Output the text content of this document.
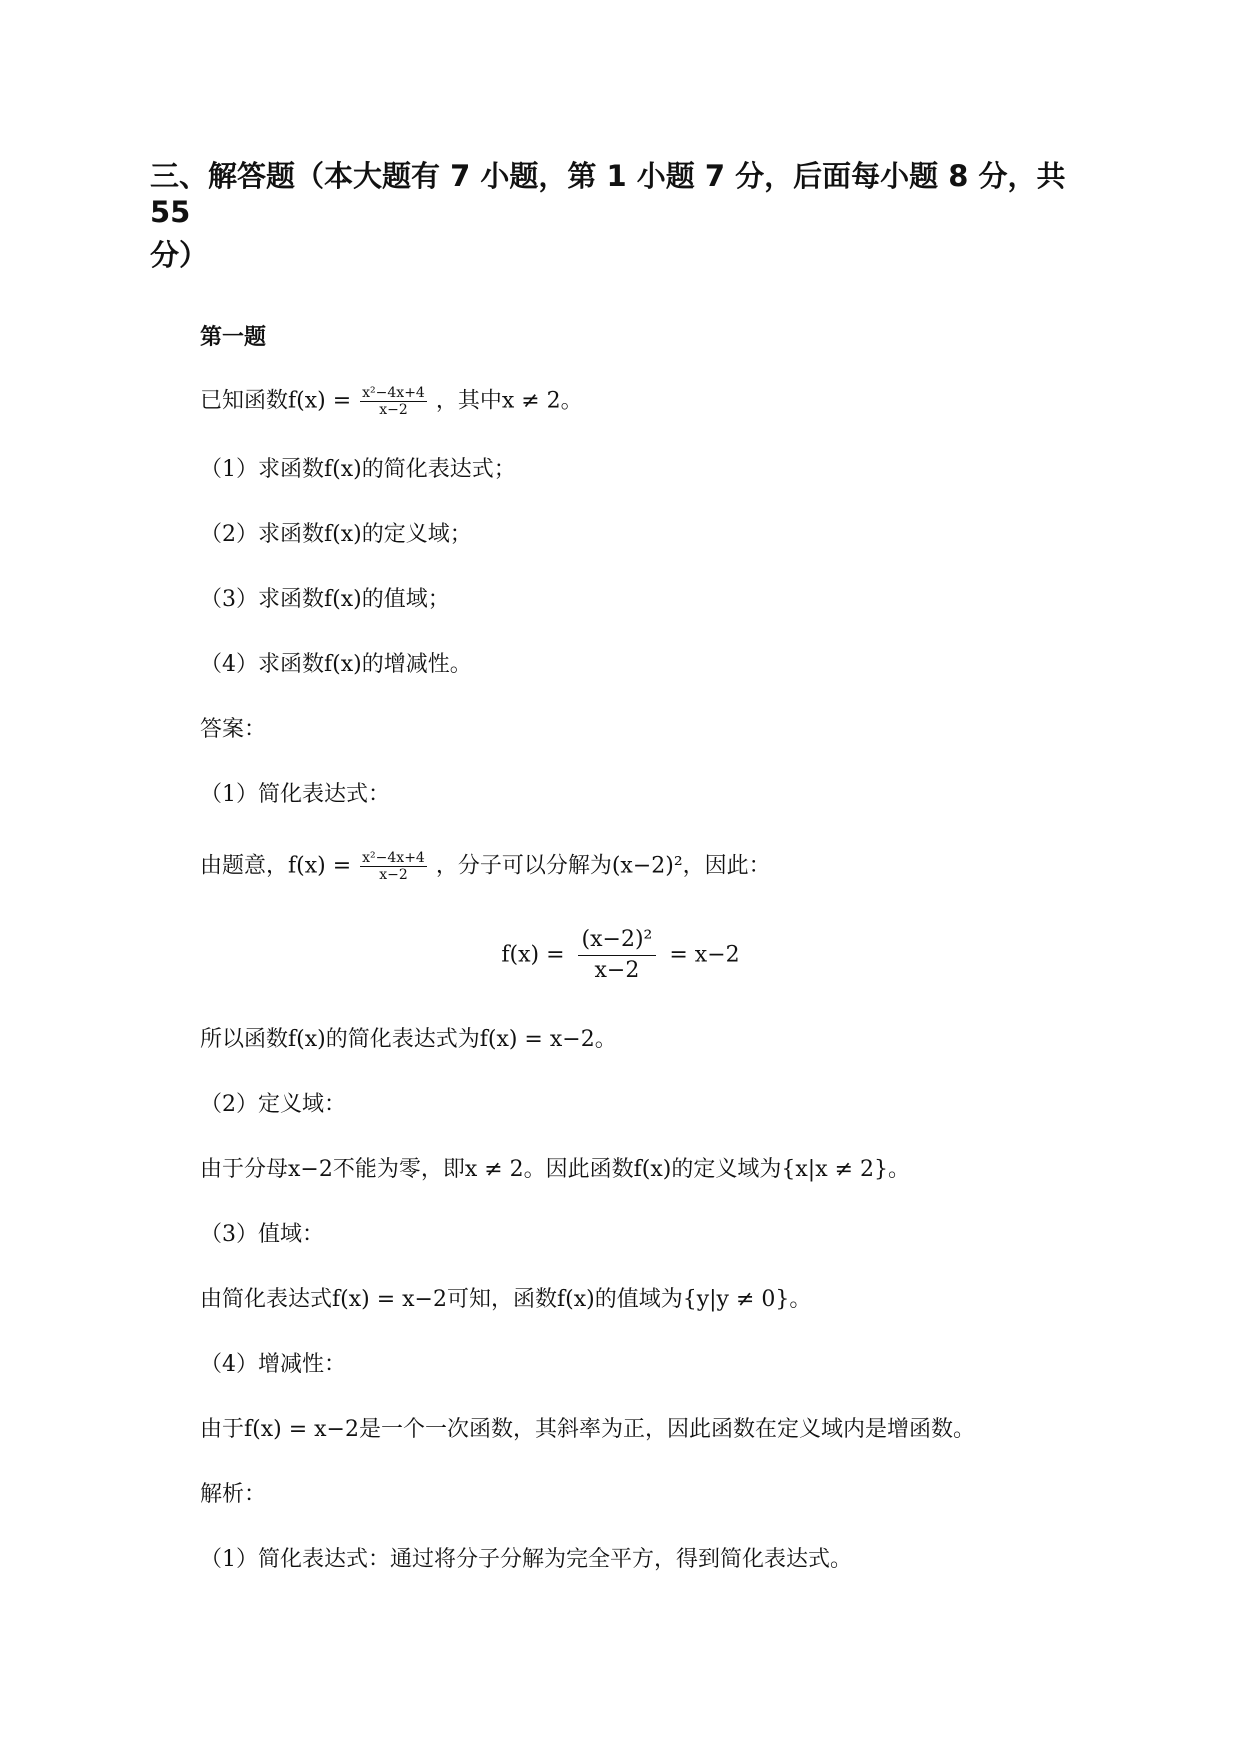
三、解答题（本大题有 7 小题，第 1 小题 7 分，后面每小题 8 分，共 55
分）
第一题
已知函数$f(x) = \frac{\text{x²−4x+4}}{x-2}$ ，其中x ≠ 2。
（1）求函数f(x)的简化表达式；
（2）求函数f(x)的定义域；
（3）求函数f(x)的值域；
（4）求函数f(x)的增减性。
答案：
（1）简化表达式：
由题意，$f(x) = \frac{\text{x²−4x+4}}{x-2}$ ，分子可以分解为(x−2)²，因此：
$f(x) = \frac{\text{(x−2)²}}{x-2} = x-2$
所以函数f(x)的简化表达式为f(x) = x−2。
（2）定义域：
由于分母x−2不能为零，即x ≠ 2。因此函数f(x)的定义域为{x|x ≠ 2}。
（3）值域：
由简化表达式f(x) = x−2可知，函数f(x)的值域为{y|y ≠ 0}。
（4）增减性：
由于f(x) = x−2是一个一次函数，其斜率为正，因此函数在定义域内是增函数。
解析：
（1）简化表达式：通过将分子分解为完全平方，得到简化表达式。
